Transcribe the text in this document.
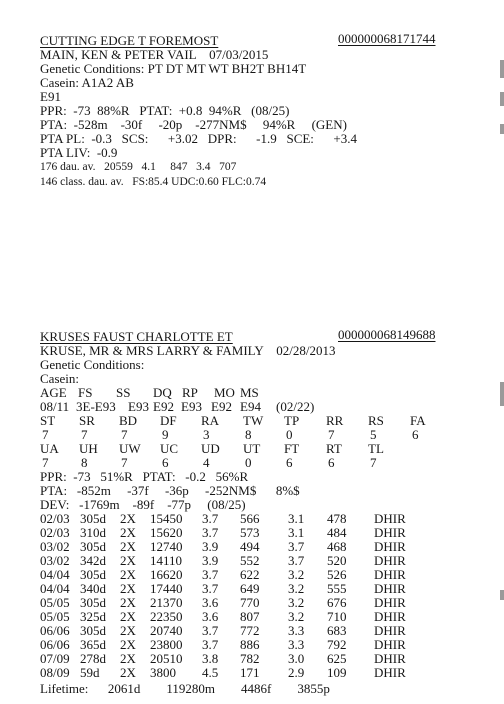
CUTTING EDGE T FOREMOST	000000068171744
MAIN, KEN & PETER VAIL    07/03/2015
Genetic Conditions: PT DT MT WT BH2T BH14T
Casein: A1A2 AB
E91
PPR:  -73  88%R   PTAT:  +0.8  94%R   (08/25)
PTA:  -528m    -30f     -20p    -277NM$     94%R     (GEN)
PTA PL:  -0.3   SCS:      +3.02   DPR:      -1.9   SCE:      +3.4
PTA LIV:  -0.9
176 dau. av.   20559   4.1     847   3.4   707
146 class. dau. av.   FS:85.4 UDC:0.60 FLC:0.74
KRUSES FAUST CHARLOTTE ET	000000068149688
KRUSE, MR & MRS LARRY & FAMILY    02/28/2013
Genetic Conditions:
Casein:
AGE FS SS DQ RP MO MS
08/11 3E-E93 E93 E92 E93 E92 E94 (02/22)
ST SR BD DF RA TW TP RR RS FA
7	7	7	9	3	8	0	7	5	6
UA UH UW UC UD UT FT RT TL
7	8	7	6	4	0	6	6	7
PPR:  -73   51%R   PTAT:   -0.2   56%R
PTA:   -852m     -37f     -36p     -252NM$      8%$
DEV:   -1769m    -89f    -77p     (08/25)
02/03 305d 2X 15450 3.7 566 3.1 478 DHIR
02/03 310d 2X 15620 3.7 573 3.1 484 DHIR
03/02 305d 2X 12740 3.9 494 3.7 468 DHIR
03/02 342d 2X 14110 3.9 552 3.7 520 DHIR
04/04 305d 2X 16620 3.7 622 3.2 526 DHIR
04/04 340d 2X 17440 3.7 649 3.2 555 DHIR
05/05 305d 2X 21370 3.6 770 3.2 676 DHIR
05/05 325d 2X 22350 3.6 807 3.2 710 DHIR
06/06 305d 2X 20740 3.7 772 3.3 683 DHIR
06/06 365d 2X 23800 3.7 886 3.3 792 DHIR
07/09 278d 2X 20510 3.8 782 3.0 625 DHIR
08/09 59d 2X 3800 4.5 171 2.9 109 DHIR
Lifetime:      2061d        119280m        4486f        3855p
